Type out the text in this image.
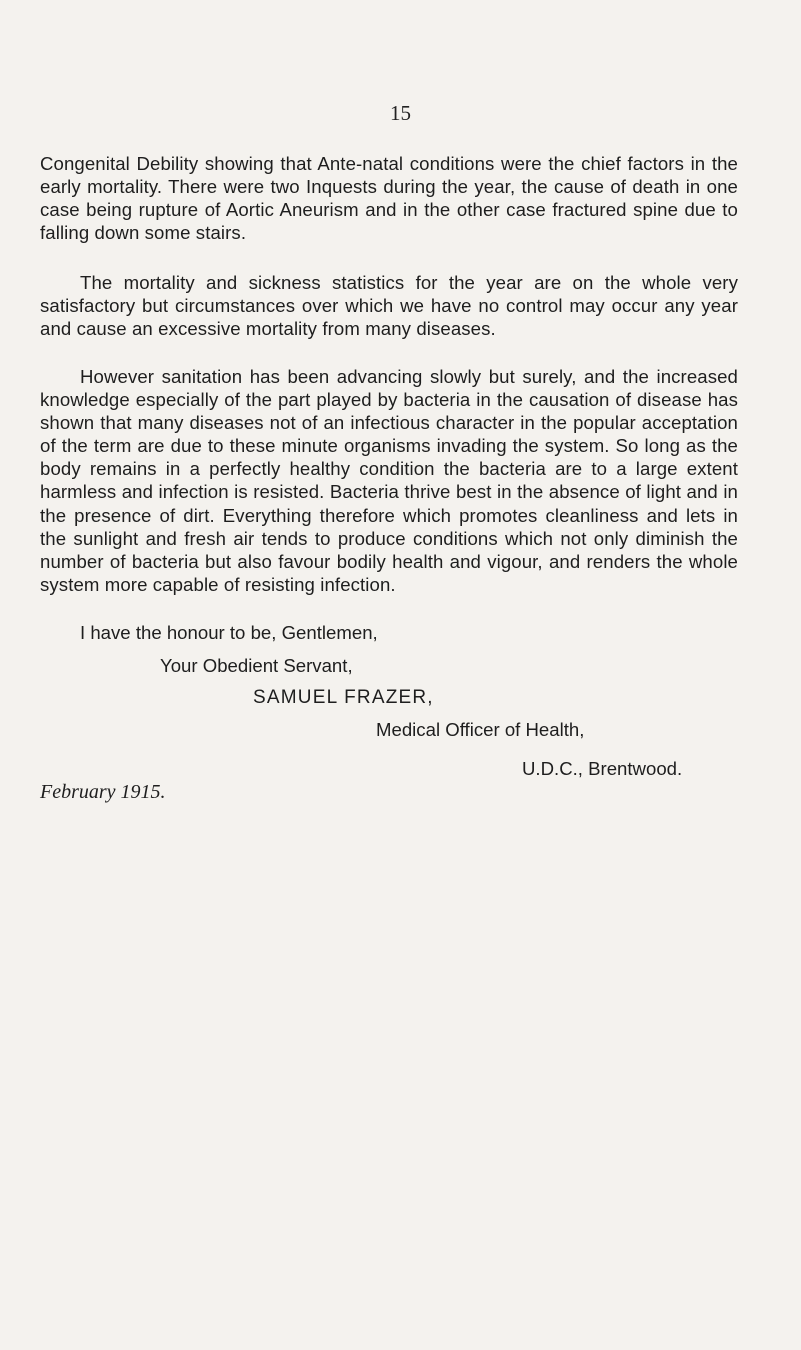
15

Congenital Debility showing that Ante-natal conditions were the chief factors in the early mortality. There were two Inquests during the year, the cause of death in one case being rupture of Aortic Aneurism and in the other case fractured spine due to falling down some stairs.

The mortality and sickness statistics for the year are on the whole very satisfactory but circumstances over which we have no control may occur any year and cause an excessive mortality from many diseases.

However sanitation has been advancing slowly but surely, and the increased knowledge especially of the part played by bacteria in the causation of disease has shown that many diseases not of an infectious character in the popular acceptation of the term are due to these minute organisms invading the system. So long as the body remains in a perfectly healthy condition the bacteria are to a large extent harmless and infection is resisted. Bacteria thrive best in the absence of light and in the presence of dirt. Everything therefore which promotes cleanliness and lets in the sunlight and fresh air tends to produce conditions which not only diminish the number of bacteria but also favour bodily health and vigour, and renders the whole system more capable of resisting infection.

I have the honour to be, Gentlemen,

Your Obedient Servant,

SAMUEL FRAZER,

Medical Officer of Health,

U.D.C., Brentwood.

February 1915.
